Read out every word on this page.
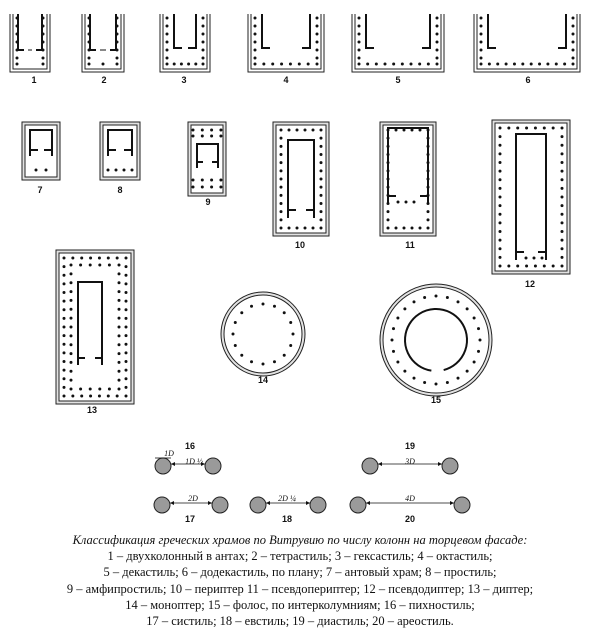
1	2	3	4	5	6
7	8
9
10	11
12
13
14
15
16
1D
1D ½
17
2D
18
2D ¼
19
3D
20
4D
Классификация греческих храмов по Витрувию по числу колонн на торцевом фасаде:
1 – двухколонный в антах; 2 – тетрастиль; 3 – гексастиль; 4 – октастиль;
5 – декастиль; 6 – додекастиль, по плану; 7 – антовый храм; 8 – простиль;
9 – амфипростиль; 10 – периптер 11 – псевдопериптер; 12 – псевдодиптер; 13 – диптер;
14 – моноптер; 15 – фолос, по интерколумниям; 16 – пихностиль;
17 – систиль; 18 – евстиль; 19 – диастиль; 20 – ареостиль.
